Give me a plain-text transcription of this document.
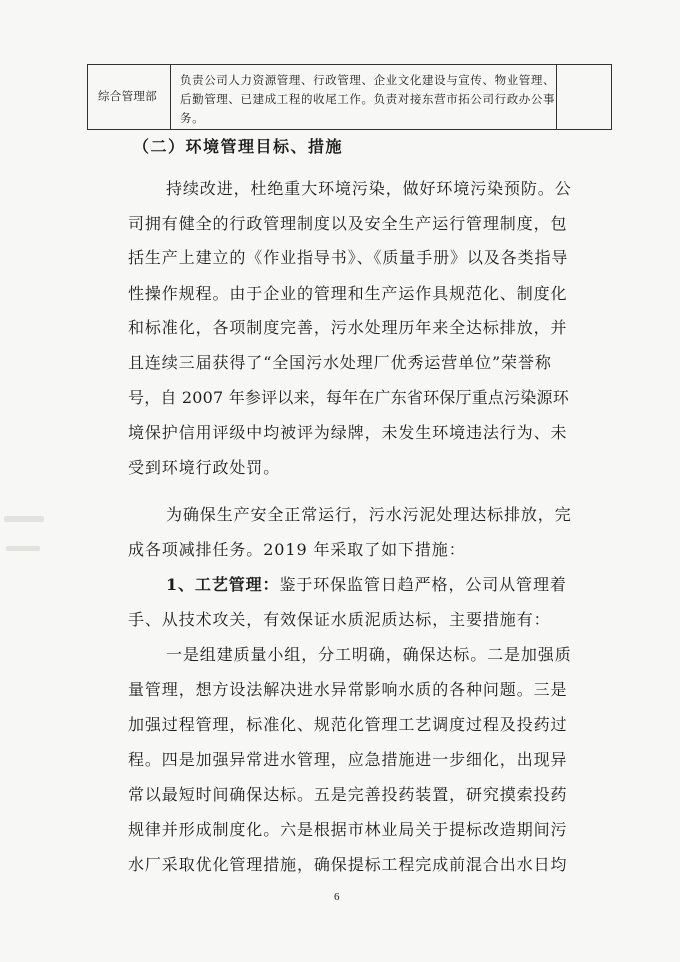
综合管理部
负责公司人力资源管理、行政管理、企业文化建设与宣传、物业管理、
后勤管理、已建成工程的收尾工作。负责对接东营市拓公司行政办公事
务。
（二）环境管理目标、措施
持续改进，杜绝重大环境污染，做好环境污染预防。公
司拥有健全的行政管理制度以及安全生产运行管理制度，包
括生产上建立的《作业指导书》、《质量手册》以及各类指导
性操作规程。由于企业的管理和生产运作具规范化、制度化
和标准化，各项制度完善，污水处理历年来全达标排放，并
且连续三届获得了“全国污水处理厂优秀运营单位”荣誉称
号，自 2007 年参评以来，每年在广东省环保厅重点污染源环
境保护信用评级中均被评为绿牌，未发生环境违法行为、未
受到环境行政处罚。
为确保生产安全正常运行，污水污泥处理达标排放，完
成各项减排任务。2019 年采取了如下措施：
1、工艺管理：鉴于环保监管日趋严格，公司从管理着
手、从技术攻关，有效保证水质泥质达标，主要措施有：
一是组建质量小组，分工明确，确保达标。二是加强质
量管理，想方设法解决进水异常影响水质的各种问题。三是
加强过程管理，标准化、规范化管理工艺调度过程及投药过
程。四是加强异常进水管理，应急措施进一步细化，出现异
常以最短时间确保达标。五是完善投药装置，研究摸索投药
规律并形成制度化。六是根据市林业局关于提标改造期间污
水厂采取优化管理措施，确保提标工程完成前混合出水日均
6
